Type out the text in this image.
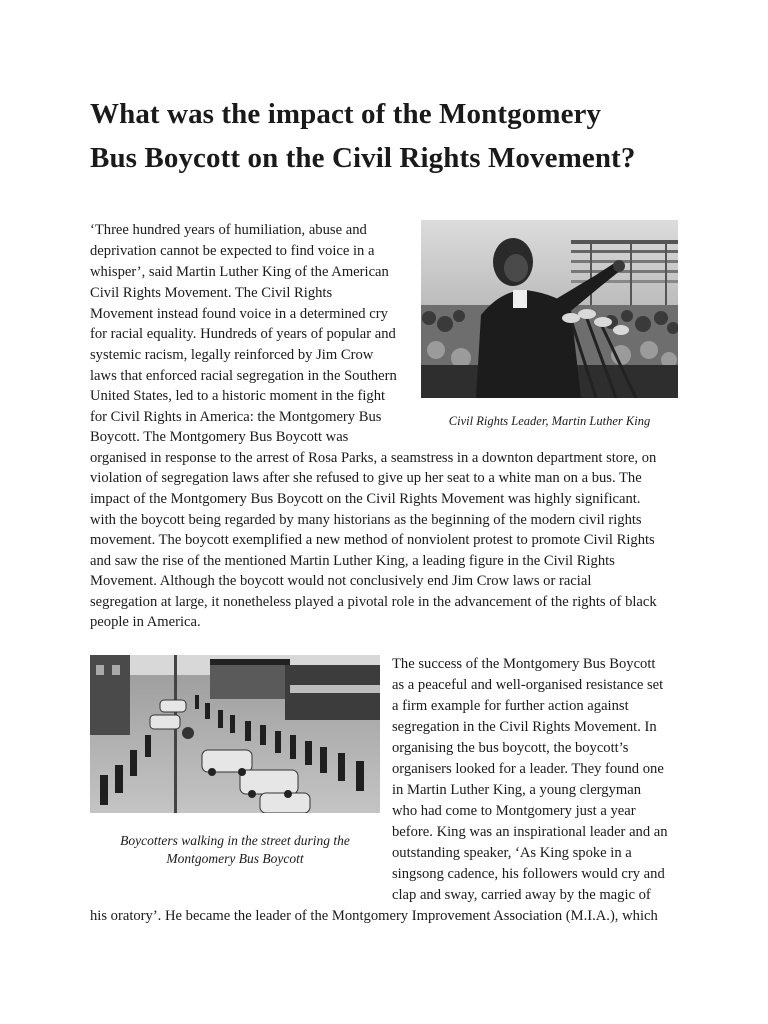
What was the impact of the Montgomery
Bus Boycott on the Civil Rights Movement?
‘Three hundred years of humiliation, abuse and
deprivation cannot be expected to find voice in a
whisper’, said Martin Luther King of the American
Civil Rights Movement. The Civil Rights
Movement instead found voice in a determined cry
for racial equality. Hundreds of years of popular and
systemic racism, legally reinforced by Jim Crow
laws that enforced racial segregation in the Southern
United States, led to a historic moment in the fight
for Civil Rights in America: the Montgomery Bus
Boycott. The Montgomery Bus Boycott was
organised in response to the arrest of Rosa Parks, a seamstress in a downton department store, on
violation of segregation laws after she refused to give up her seat to a white man on a bus. The
impact of the Montgomery Bus Boycott on the Civil Rights Movement was highly significant.
with the boycott being regarded by many historians as the beginning of the modern civil rights
movement. The boycott exemplified a new method of nonviolent protest to promote Civil Rights
and saw the rise of the mentioned Martin Luther King, a leading figure in the Civil Rights
Movement. Although the boycott would not conclusively end Jim Crow laws or racial
segregation at large, it nonetheless played a pivotal role in the advancement of the rights of black
people in America.
Civil Rights Leader, Martin Luther King
Boycotters walking in the street during the
Montgomery Bus Boycott
The success of the Montgomery Bus Boycott
as a peaceful and well-organised resistance set
a firm example for further action against
segregation in the Civil Rights Movement. In
organising the bus boycott, the boycott’s
organisers looked for a leader. They found one
in Martin Luther King, a young clergyman
who had come to Montgomery just a year
before. King was an inspirational leader and an
outstanding speaker, ‘As King spoke in a
singsong cadence, his followers would cry and
clap and sway, carried away by the magic of
his oratory’. He became the leader of the Montgomery Improvement Association (M.I.A.), which
